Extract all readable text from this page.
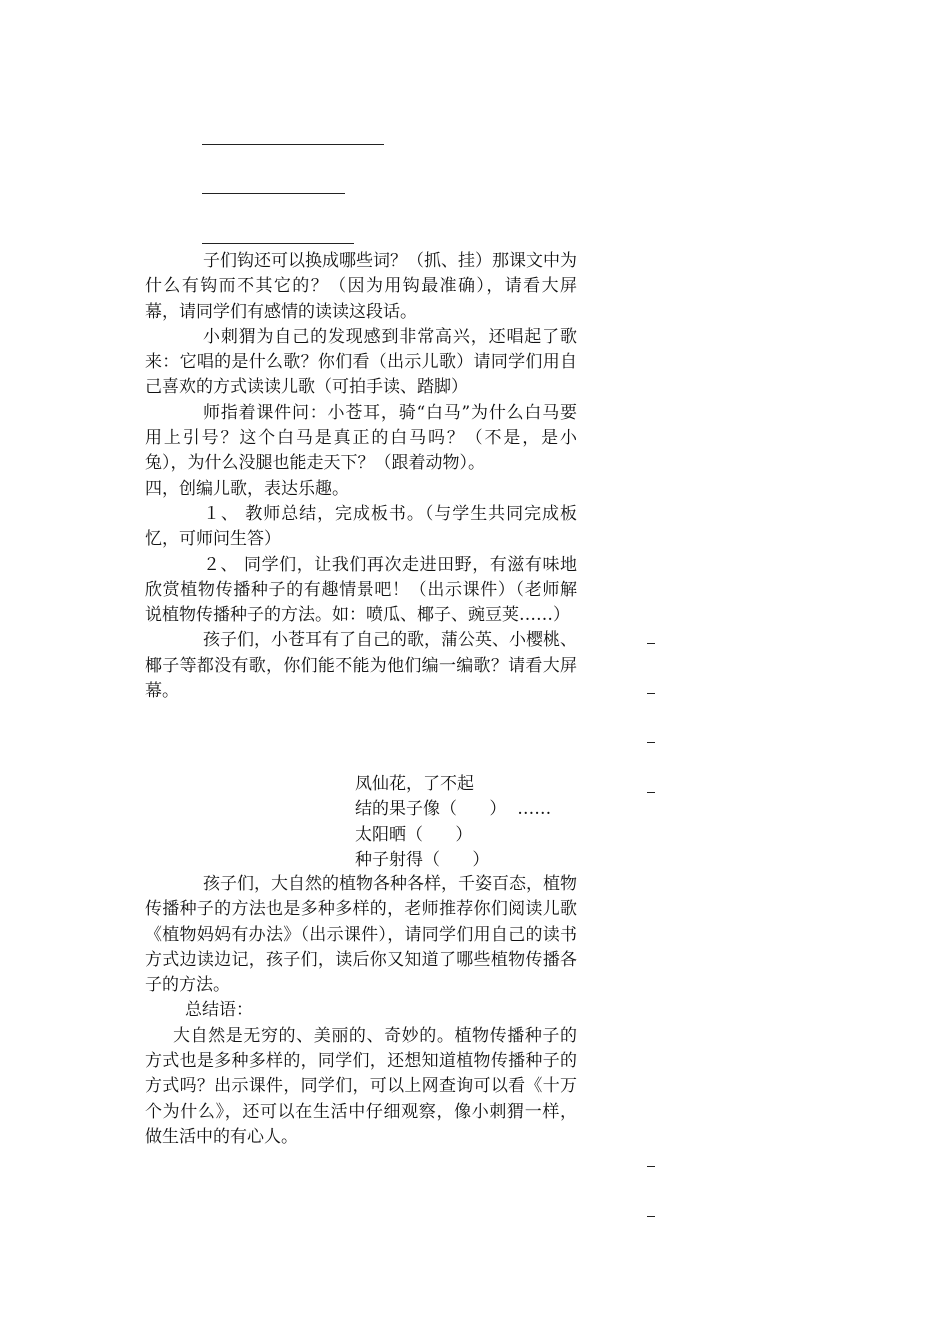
子们钩还可以换成哪些词？（抓、挂）那课文中为什么有钩而不其它的？（因为用钩最准确），请看大屏幕，请同学们有感情的读读这段话。

小刺猬为自己的发现感到非常高兴，还唱起了歌来：它唱的是什么歌？你们看（出示儿歌）请同学们用自己喜欢的方式读读儿歌（可拍手读、踏脚）

师指着课件问：小苍耳，骑“白马”为什么白马要用上引号？这个白马是真正的白马吗？（不是，是小兔），为什么没腿也能走天下？（跟着动物）。

四，创编儿歌，表达乐趣。

１、 教师总结，完成板书。（与学生共同完成板忆，可师问生答）

２、 同学们，让我们再次走进田野，有滋有味地欣赏植物传播种子的有趣情景吧！（出示课件）（老师解说植物传播种子的方法。如：喷瓜、椰子、豌豆荚……）

孩子们，小苍耳有了自己的歌，蒲公英、小樱桃、椰子等都没有歌，你们能不能为他们编一编歌？请看大屏幕。

凤仙花，了不起

结的果子像（      ）  ……

太阳晒（      ）

种子射得（      ）

孩子们，大自然的植物各种各样，千姿百态，植物传播种子的方法也是多种多样的，老师推荐你们阅读儿歌《植物妈妈有办法》（出示课件），请同学们用自己的读书方式边读边记，孩子们，读后你又知道了哪些植物传播各子的方法。

总结语：

大自然是无穷的、美丽的、奇妙的。植物传播种子的方式也是多种多样的，同学们，还想知道植物传播种子的方式吗？出示课件，同学们，可以上网查询可以看《十万个为什么》，还可以在生活中仔细观察，像小刺猬一样，做生活中的有心人。
